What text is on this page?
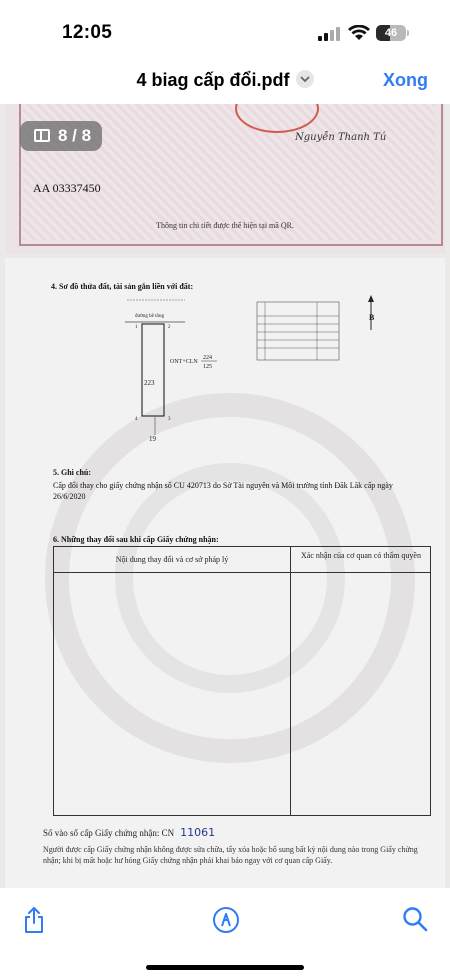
12:05	46
4 biag cấp đổi.pdf	Xong
Nguyễn Thanh Tú
AA 03337450
Thông tin chi tiết được thể hiện tại mã QR.
8 / 8
4. Sơ đồ thửa đất, tài sản gắn liền với đất:
đường bê tông
1	2
4	3
19
223
ONT+CLN
224
125
B
5. Ghi chú:
Cấp đổi thay cho giấy chứng nhận số CU 420713 do Sở Tài nguyên và Môi trường tỉnh Đăk Lăk cấp ngày 26/6/2020
6. Những thay đổi sau khi cấp Giấy chứng nhận:
Nội dung thay đổi và cơ sở pháp lý	Xác nhận của cơ quan có thẩm quyền
Số vào sổ cấp Giấy chứng nhận: CN 11061
Người được cấp Giấy chứng nhận không được sửa chữa, tẩy xóa hoặc bổ sung bất kỳ nội dung nào trong Giấy chứng nhận; khi bị mất hoặc hư hỏng Giấy chứng nhận phải khai báo ngay với cơ quan cấp Giấy.
